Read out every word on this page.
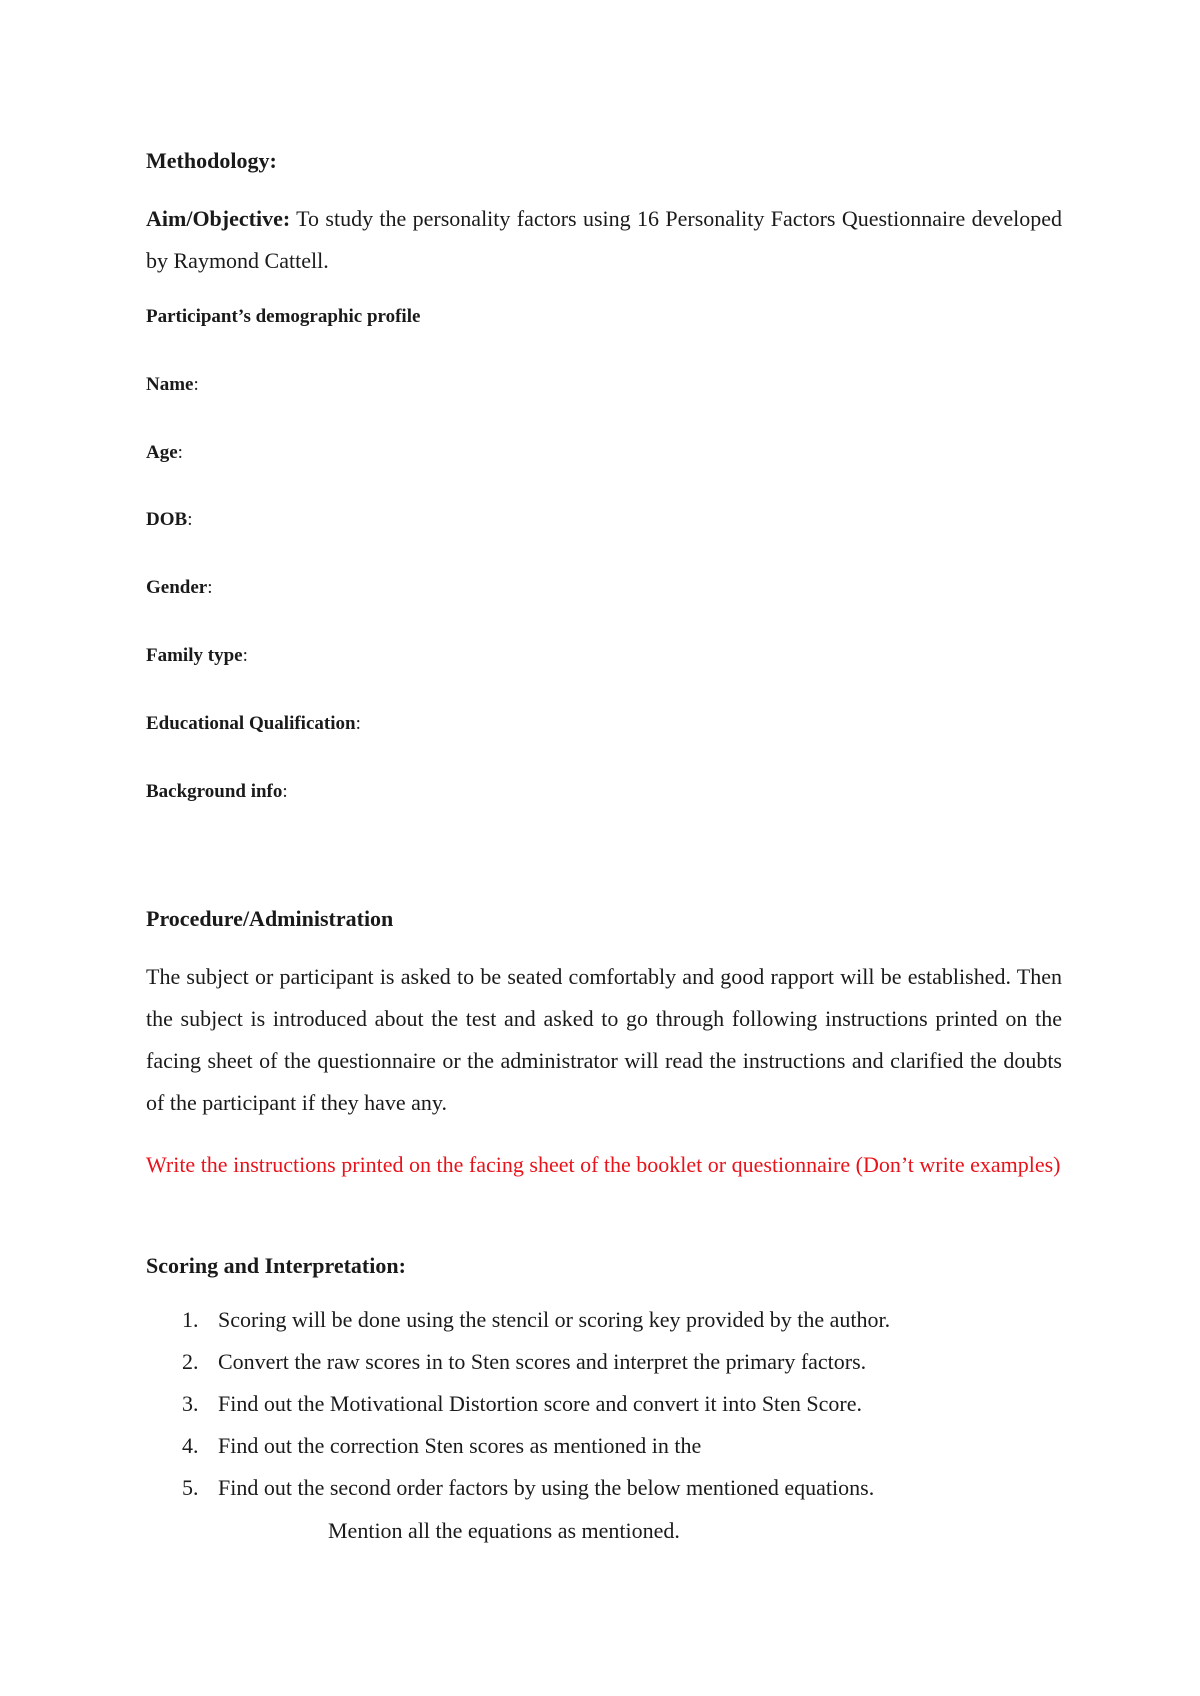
Methodology:

Aim/Objective: To study the personality factors using 16 Personality Factors Questionnaire developed by Raymond Cattell.

Participant’s demographic profile
Name:
Age:
DOB:
Gender:
Family type:
Educational Qualification:
Background info:
Procedure/Administration

The subject or participant is asked to be seated comfortably and good rapport will be established. Then the subject is introduced about the test and asked to go through following instructions printed on the facing sheet of the questionnaire or the administrator will read the instructions and clarified the doubts of the participant if they have any.

Write the instructions printed on the facing sheet of the booklet or questionnaire (Don’t write examples)

Scoring and Interpretation:
1. Scoring will be done using the stencil or scoring key provided by the author.
2. Convert the raw scores in to Sten scores and interpret the primary factors.
3. Find out the Motivational Distortion score and convert it into Sten Score.
4. Find out the correction Sten scores as mentioned in the
5. Find out the second order factors by using the below mentioned equations.
Mention all the equations as mentioned.
